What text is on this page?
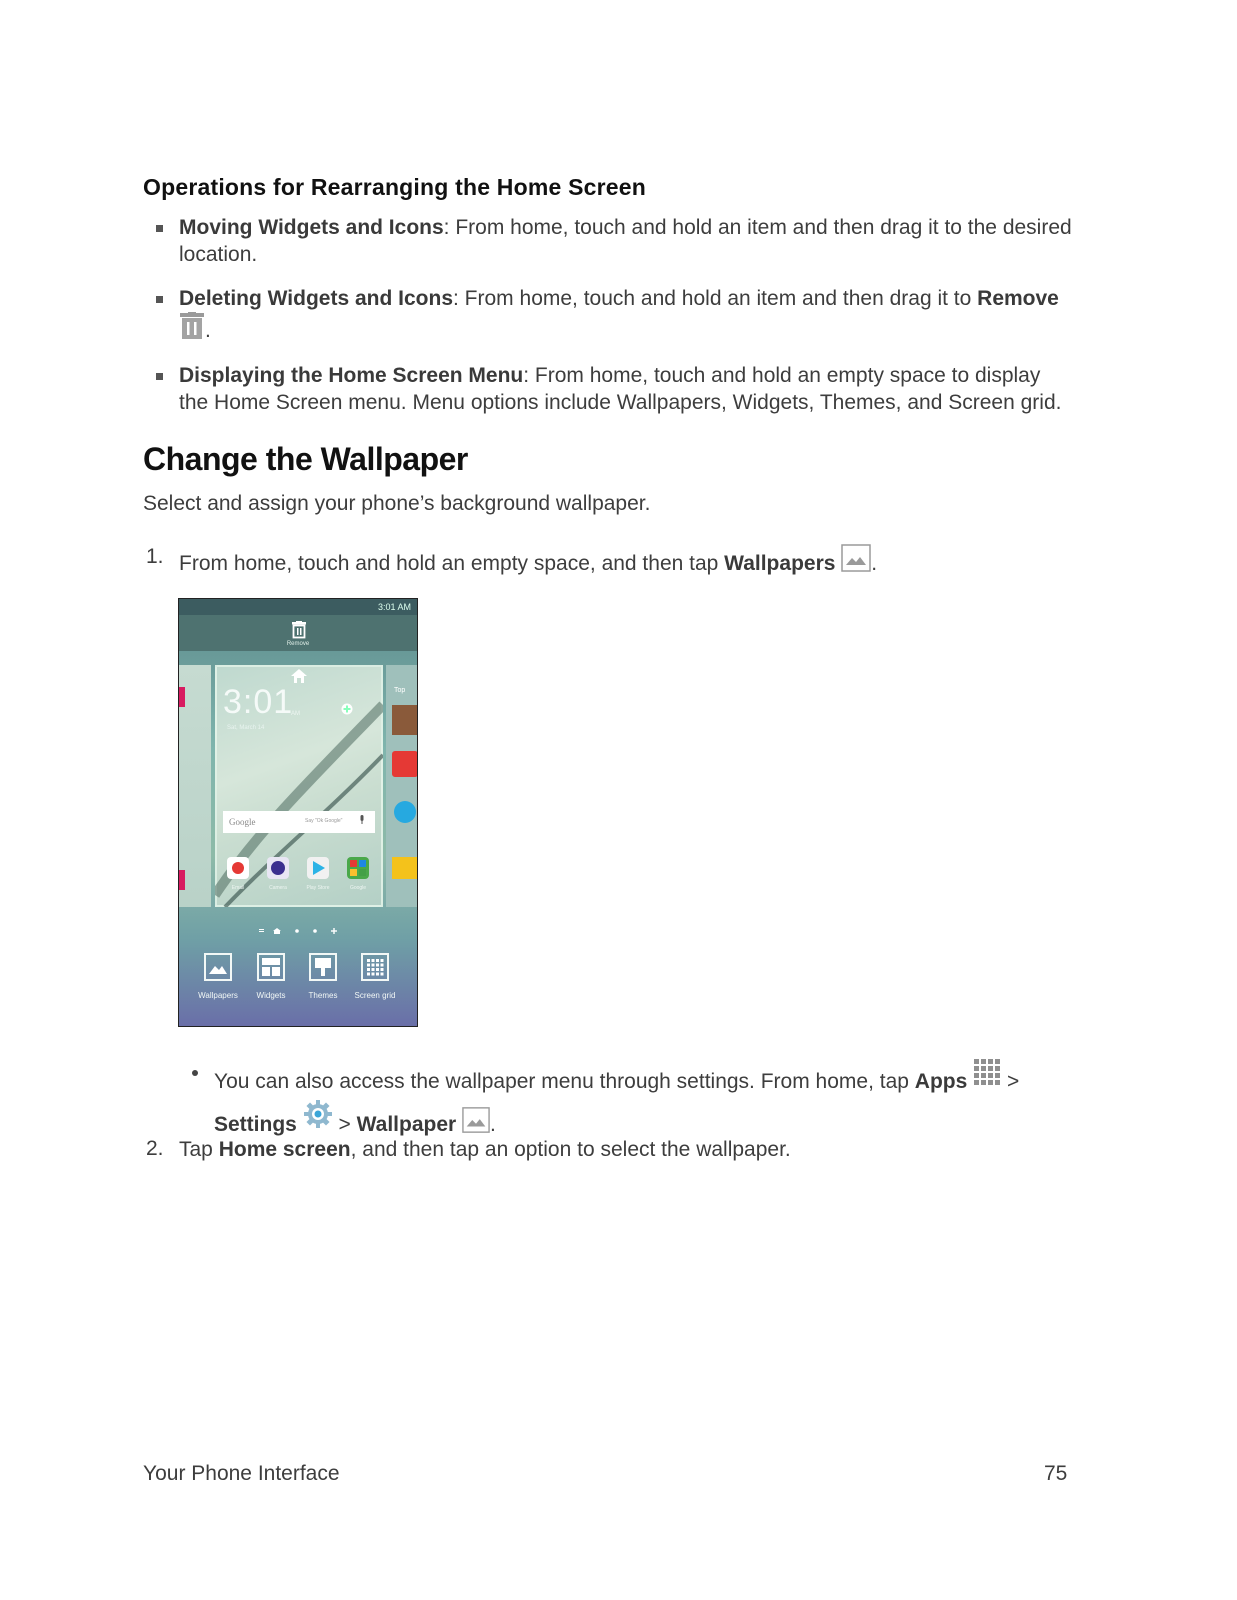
Operations for Rearranging the Home Screen
Moving Widgets and Icons: From home, touch and hold an item and then drag it to the desired location.
Deleting Widgets and Icons: From home, touch and hold an item and then drag it to Remove
.
Displaying the Home Screen Menu: From home, touch and hold an empty space to display
the Home Screen menu. Menu options include Wallpapers, Widgets, Themes, and Screen grid.
Change the Wallpaper
Select and assign your phone’s background wallpaper.
1. From home, touch and hold an empty space, and then tap Wallpapers .
3:01 AM
Remove
Top
3:01
AM
Sat, March 14
Google	Say "Ok Google"
Email	Camera	Play Store	Google
Wallpapers	Widgets	Themes	Screen grid
You can also access the wallpaper menu through settings. From home, tap Apps  >
Settings  > Wallpaper .
2. Tap Home screen, and then tap an option to select the wallpaper.
Your Phone Interface	75
